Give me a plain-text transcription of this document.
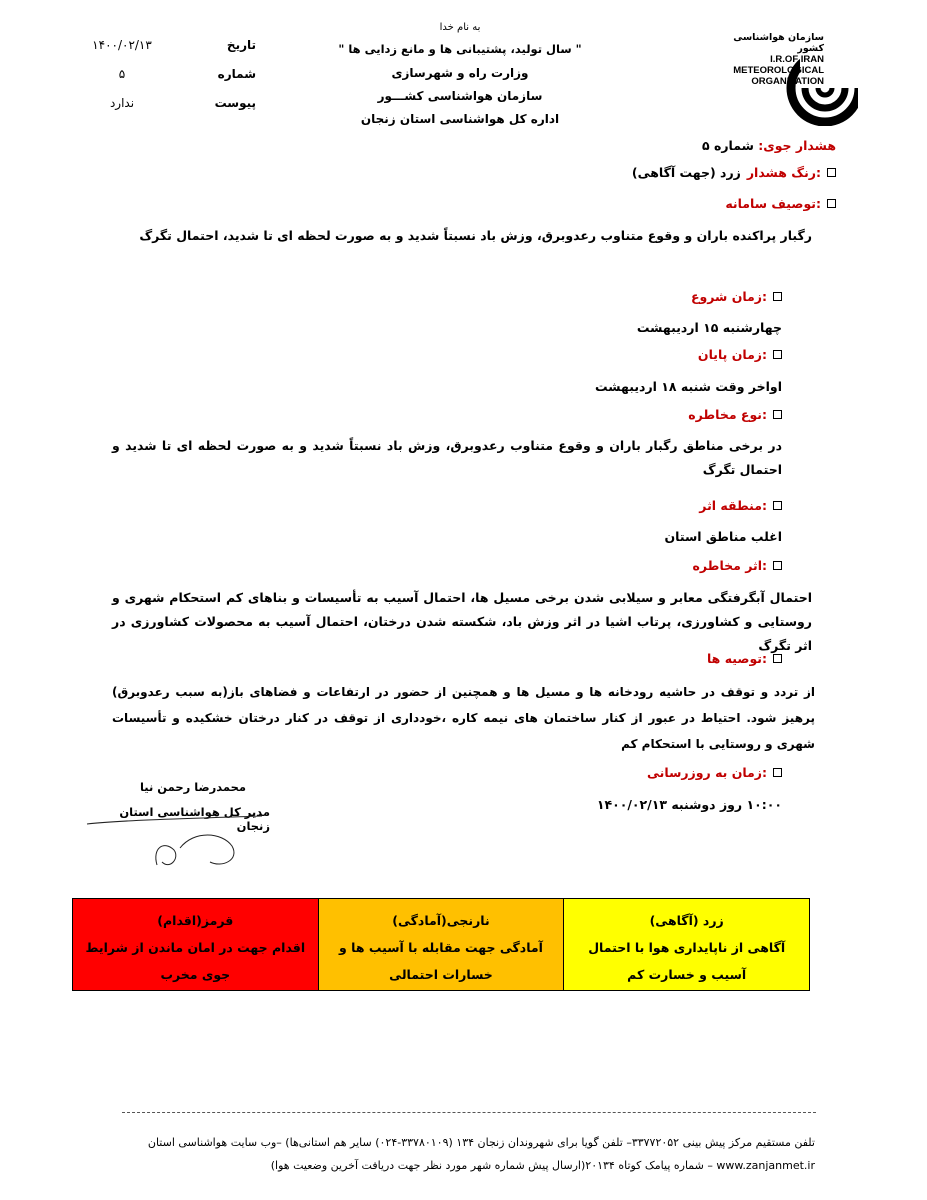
سازمان هواشناسی کشور
I.R.OF IRAN
METEOROLOGICAL
ORGANIZATION
به نام خدا
" سال تولید، پشتیبانی ها و مانع زدایی ها "
وزارت راه و شهرسازی
سازمان هواشناسی کشـــور
اداره کل هواشناسی استان زنجان
تاریخ
۱۴۰۰/۰۲/۱۳
شماره
۵
پیوست
ندارد
هشدار جوی: شماره ۵
رنگ هشدار:
زرد (جهت آگاهی)
توصیف سامانه:
رگبار پراکنده باران و وقوع متناوب رعدوبرق، وزش باد نسبتاً شدید و به صورت لحظه ای تا شدید، احتمال تگرگ
زمان شروع:
چهارشنبه ۱۵ اردیبهشت
زمان پایان:
اواخر وقت شنبه ۱۸ اردیبهشت
نوع مخاطره:
در برخی مناطق رگبار باران و وقوع متناوب رعدوبرق، وزش باد نسبتاً شدید و به صورت لحظه ای تا شدید و احتمال تگرگ
منطقه اثر:
اغلب مناطق استان
اثر مخاطره:
احتمال آبگرفتگی معابر و سیلابی شدن برخی مسیل ها، احتمال آسیب به تأسیسات و بناهای کم استحکام شهری و روستایی و کشاورزی، پرتاب اشیا در اثر وزش باد، شکسته شدن درختان، احتمال آسیب به محصولات کشاورزی در اثر تگرگ
توصیه ها:
از تردد و توقف در حاشیه رودخانه ها و مسیل ها و همچنین از حضور در ارتفاعات و فضاهای باز(به سبب رعدوبرق) پرهیز شود. احتیاط در عبور از کنار ساختمان های نیمه کاره ،خودداری از توقف در کنار درختان خشکیده و تأسیسات شهری و روستایی با استحکام کم
زمان به روزرسانی:
۱۰:۰۰ روز دوشنبه ۱۴۰۰/۰۲/۱۳
محمدرضا رحمن نیا
مدیر کل هواشناسی استان زنجان
زرد (آگاهی)
آگاهی از ناپایداری هوا با احتمال آسیب و خسارت کم
نارنجی(آمادگی)
آمادگی جهت مقابله با آسیب ها و خسارات احتمالی
قرمز(اقدام)
اقدام جهت در امان ماندن از شرایط جوی مخرب
تلفن مستقیم مرکز پیش بینی ۳۳۷۷۲۰۵۲– تلفن گویا برای شهروندان زنجان ۱۳۴ (۳۳۷۸۰۱۰۹-۰۲۴) سایر هم استانی‌ها) –وب سایت هواشناسی استان
www.zanjanmet.ir – شماره پیامک کوتاه ۲۰۱۳۴(ارسال پیش شماره شهر مورد نظر جهت دریافت آخرین وضعیت هوا)
